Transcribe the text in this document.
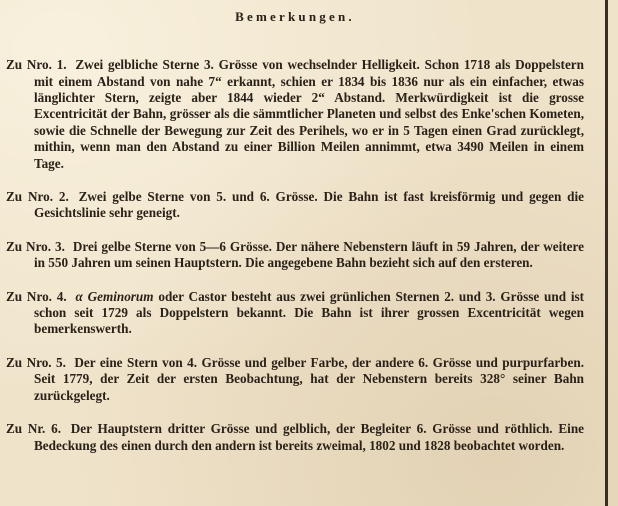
Bemerkungen.

Zu Nro. 1. Zwei gelbliche Sterne 3. Grösse von wechselnder Helligkeit. Schon 1718 als Doppelstern mit einem Abstand von nahe 7“ erkannt, schien er 1834 bis 1836 nur als ein einfacher, etwas länglichter Stern, zeigte aber 1844 wieder 2“ Abstand. Merkwürdigkeit ist die grosse Excentricität der Bahn, grösser als die sämmtlicher Planeten und selbst des Enke'schen Kometen, sowie die Schnelle der Bewegung zur Zeit des Perihels, wo er in 5 Tagen einen Grad zurücklegt, mithin, wenn man den Abstand zu einer Billion Meilen annimmt, etwa 3490 Meilen in einem Tage.

Zu Nro. 2. Zwei gelbe Sterne von 5. und 6. Grösse. Die Bahn ist fast kreisförmig und gegen die Gesichtslinie sehr geneigt.

Zu Nro. 3. Drei gelbe Sterne von 5—6 Grösse. Der nähere Nebenstern läuft in 59 Jahren, der weitere in 550 Jahren um seinen Hauptstern. Die angegebene Bahn bezieht sich auf den ersteren.

Zu Nro. 4. α Geminorum oder Castor besteht aus zwei grünlichen Sternen 2. und 3. Grösse und ist schon seit 1729 als Doppelstern bekannt. Die Bahn ist ihrer grossen Excentricität wegen bemerkenswerth.

Zu Nro. 5. Der eine Stern von 4. Grösse und gelber Farbe, der andere 6. Grösse und purpurfarben. Seit 1779, der Zeit der ersten Beobachtung, hat der Nebenstern bereits 328° seiner Bahn zurückgelegt.

Zu Nr. 6. Der Hauptstern dritter Grösse und gelblich, der Begleiter 6. Grösse und röthlich. Eine Bedeckung des einen durch den andern ist bereits zweimal, 1802 und 1828 beobachtet worden.
